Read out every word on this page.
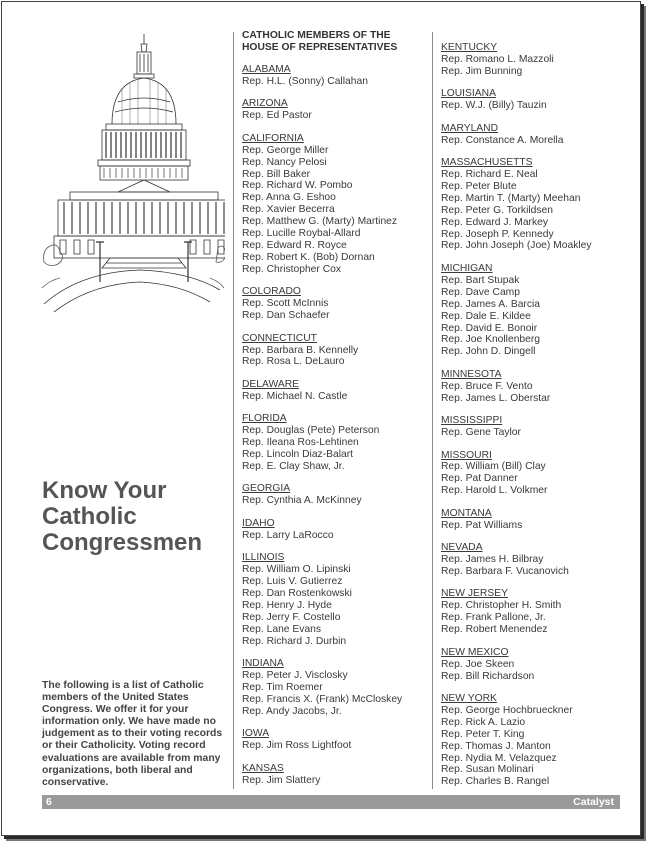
Know Your
Catholic
Congressmen

The following is a list of Catholic members of the United States Congress. We offer it for your information only. We have made no judgement as to their voting records or their Catholicity. Voting record evaluations are available from many organizations, both liberal and conservative.

CATHOLIC MEMBERS OF THE
HOUSE OF REPRESENTATIVES
ALABAMA
Rep. H.L. (Sonny) Callahan
ARIZONA
Rep. Ed Pastor
CALIFORNIA
Rep. George Miller
Rep. Nancy Pelosi
Rep. Bill Baker
Rep. Richard W. Pombo
Rep. Anna G. Eshoo
Rep. Xavier Becerra
Rep. Matthew G. (Marty) Martinez
Rep. Lucille Roybal-Allard
Rep. Edward R. Royce
Rep. Robert K. (Bob) Dornan
Rep. Christopher Cox
COLORADO
Rep. Scott McInnis
Rep. Dan Schaefer
CONNECTICUT
Rep. Barbara B. Kennelly
Rep. Rosa L. DeLauro
DELAWARE
Rep. Michael N. Castle
FLORIDA
Rep. Douglas (Pete) Peterson
Rep. Ileana Ros-Lehtinen
Rep. Lincoln Diaz-Balart
Rep. E. Clay Shaw, Jr.
GEORGIA
Rep. Cynthia A. McKinney
IDAHO
Rep. Larry LaRocco
ILLINOIS
Rep. William O. Lipinski
Rep. Luis V. Gutierrez
Rep. Dan Rostenkowski
Rep. Henry J. Hyde
Rep. Jerry F. Costello
Rep. Lane Evans
Rep. Richard J. Durbin
INDIANA
Rep. Peter J. Visclosky
Rep. Tim Roemer
Rep. Francis X. (Frank) McCloskey
Rep. Andy Jacobs, Jr.
IOWA
Rep. Jim Ross Lightfoot
KANSAS
Rep. Jim Slattery
KENTUCKY
Rep. Romano L. Mazzoli
Rep. Jim Bunning
LOUISIANA
Rep. W.J. (Billy) Tauzin
MARYLAND
Rep. Constance A. Morella
MASSACHUSETTS
Rep. Richard E. Neal
Rep. Peter Blute
Rep. Martin T. (Marty) Meehan
Rep. Peter G. Torkildsen
Rep. Edward J. Markey
Rep. Joseph P. Kennedy
Rep. John Joseph (Joe) Moakley
MICHIGAN
Rep. Bart Stupak
Rep. Dave Camp
Rep. James A. Barcia
Rep. Dale E. Kildee
Rep. David E. Bonoir
Rep. Joe Knollenberg
Rep. John D. Dingell
MINNESOTA
Rep. Bruce F. Vento
Rep. James L. Oberstar
MISSISSIPPI
Rep. Gene Taylor
MISSOURI
Rep. William (Bill) Clay
Rep. Pat Danner
Rep. Harold L. Volkmer
MONTANA
Rep. Pat Williams
NEVADA
Rep. James H. Bilbray
Rep. Barbara F. Vucanovich
NEW JERSEY
Rep. Christopher H. Smith
Rep. Frank Pallone, Jr.
Rep. Robert Menendez
NEW MEXICO
Rep. Joe Skeen
Rep. Bill Richardson
NEW YORK
Rep. George Hochbrueckner
Rep. Rick A. Lazio
Rep. Peter T. King
Rep. Thomas J. Manton
Rep. Nydia M. Velazquez
Rep. Susan Molinari
Rep. Charles B. Rangel
6	Catalyst
